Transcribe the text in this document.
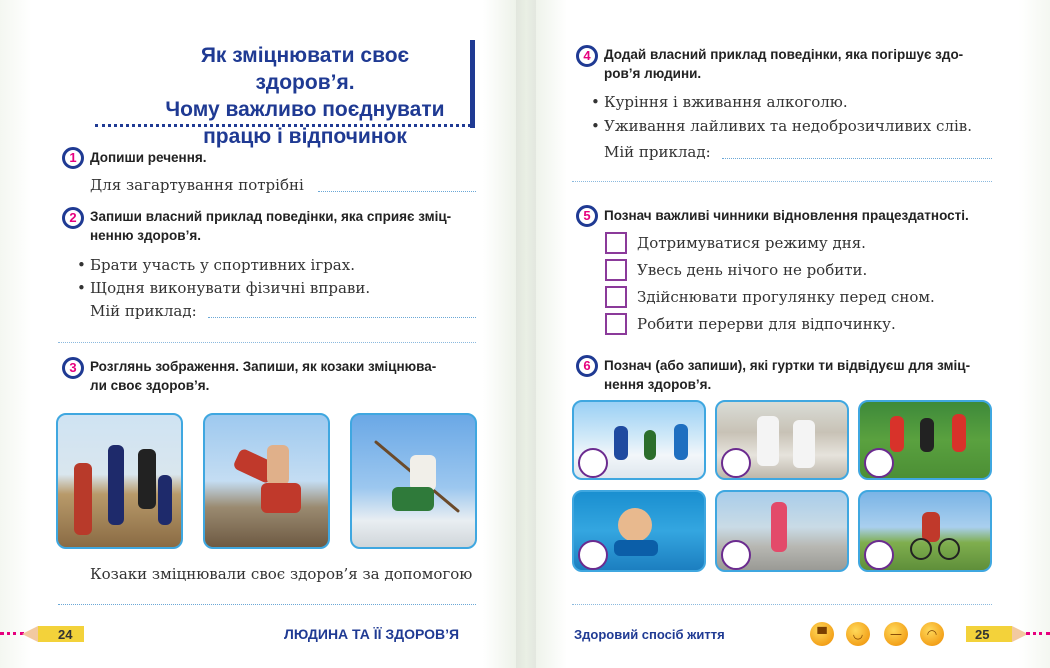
Як зміцнювати своє здоров’я.
Чому важливо поєднувати
працю і відпочинок
1 Допиши речення.
Для загартування потрібні
2 Запиши власний приклад поведінки, яка сприяє змiц-
ненню здоров’я.
• Брати участь у спортивних іграх.
• Щодня виконувати фізичні вправи.
Мій приклад:
3 Розглянь зображення. Запиши, як козаки зміцнюва-
ли своє здоров’я.
Козаки зміцнювали своє здоров’я за допомогою
24	ЛЮДИНА ТА ЇЇ ЗДОРОВ’Я
4 Додай власний приклад поведінки, яка погіршує здо-
ров’я людини.
• Куріння і вживання алкоголю.
• Уживання лайливих та недоброзичливих слів.
Мій приклад:
5 Познач важливі чинники відновлення працездатності.
Дотримуватися режиму дня.
Увесь день нічого не робити.
Здійснювати прогулянку перед сном.
Робити перерви для відпочинку.
6 Познач (або запиши), які гуртки ти відвідуєш для змiц-
нення здоров’я.
Здоровий спосіб життя	▀	◡	—	◠	25
